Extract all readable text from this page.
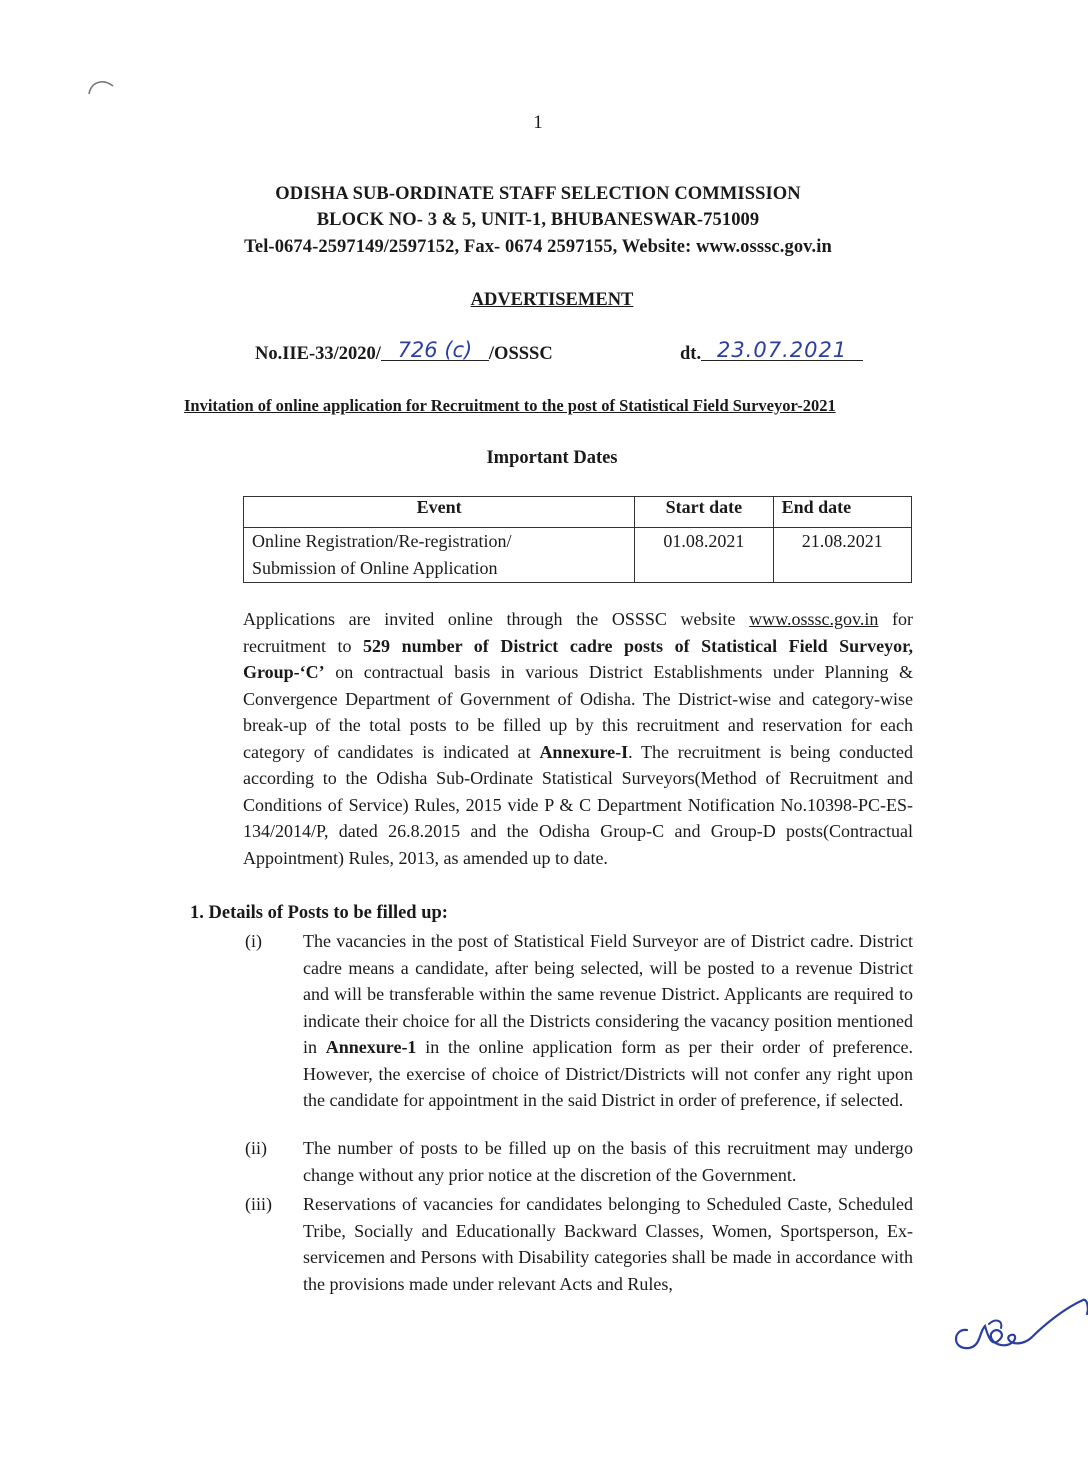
1
ODISHA SUB-ORDINATE STAFF SELECTION COMMISSION
BLOCK NO- 3 & 5, UNIT-1, BHUBANESWAR-751009
Tel-0674-2597149/2597152, Fax- 0674 2597155, Website: www.osssc.gov.in
ADVERTISEMENT
No.IIE-33/2020/ 726 (c) /OSSSC	dt. 23.07.2021
Invitation of online application for Recruitment to the post of Statistical Field Surveyor-2021
Important Dates
Event	Start date	End date

Online Registration/Re-registration/
Submission of Online Application	01.08.2021	21.08.2021
Applications are invited online through the OSSSC website www.osssc.gov.in for recruitment to 529 number of District cadre posts of Statistical Field Surveyor, Group-‘C’ on contractual basis in various District Establishments under Planning & Convergence Department of Government of Odisha. The District-wise and category-wise break-up of the total posts to be filled up by this recruitment and reservation for each category of candidates is indicated at Annexure-I. The recruitment is being conducted according to the Odisha Sub-Ordinate Statistical Surveyors(Method of Recruitment and Conditions of Service) Rules, 2015 vide P & C Department Notification No.10398-PC-ES-134/2014/P, dated 26.8.2015 and the Odisha Group-C and Group-D posts(Contractual Appointment) Rules, 2013, as amended up to date.
1. Details of Posts to be filled up:
(i)	The vacancies in the post of Statistical Field Surveyor are of District cadre. District cadre means a candidate, after being selected, will be posted to a revenue District and will be transferable within the same revenue District. Applicants are required to indicate their choice for all the Districts considering the vacancy position mentioned in Annexure-1 in the online application form as per their order of preference. However, the exercise of choice of District/Districts will not confer any right upon the candidate for appointment in the said District in order of preference, if selected.
(ii)	The number of posts to be filled up on the basis of this recruitment may undergo change without any prior notice at the discretion of the Government.
(iii)	Reservations of vacancies for candidates belonging to Scheduled Caste, Scheduled Tribe, Socially and Educationally Backward Classes, Women, Sportsperson, Ex-servicemen and Persons with Disability categories shall be made in accordance with the provisions made under relevant Acts and Rules,
